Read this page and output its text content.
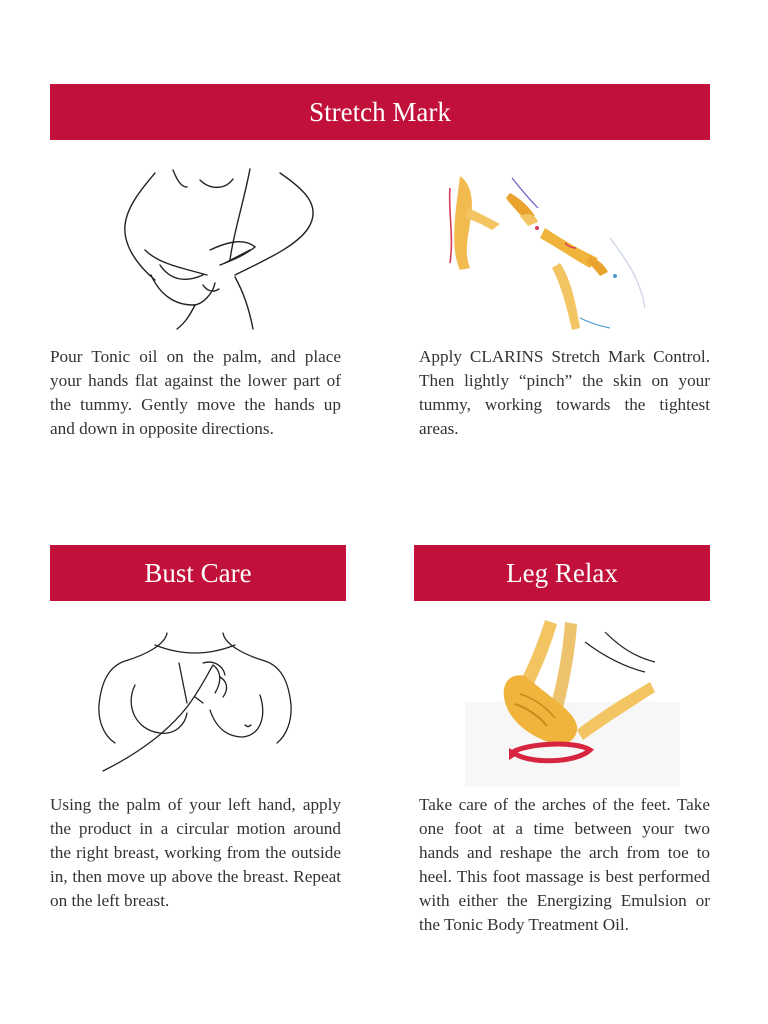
Stretch Mark
Pour Tonic oil on the palm, and place your hands flat against the lower part of the tummy. Gently move the hands up and down in opposite directions.
Apply CLARINS Stretch Mark Control. Then lightly “pinch” the skin on your tummy, working towards the tightest areas.
Bust Care	Leg Relax
Using the palm of your left hand, apply the product in a circular motion around the right breast, working from the outside in, then move up above the breast. Repeat on the left breast.
Take care of the arches of the feet. Take one foot at a time between your two hands and reshape the arch from toe to heel. This foot massage is best performed with either the Energizing Emulsion or the Tonic Body Treatment Oil.
